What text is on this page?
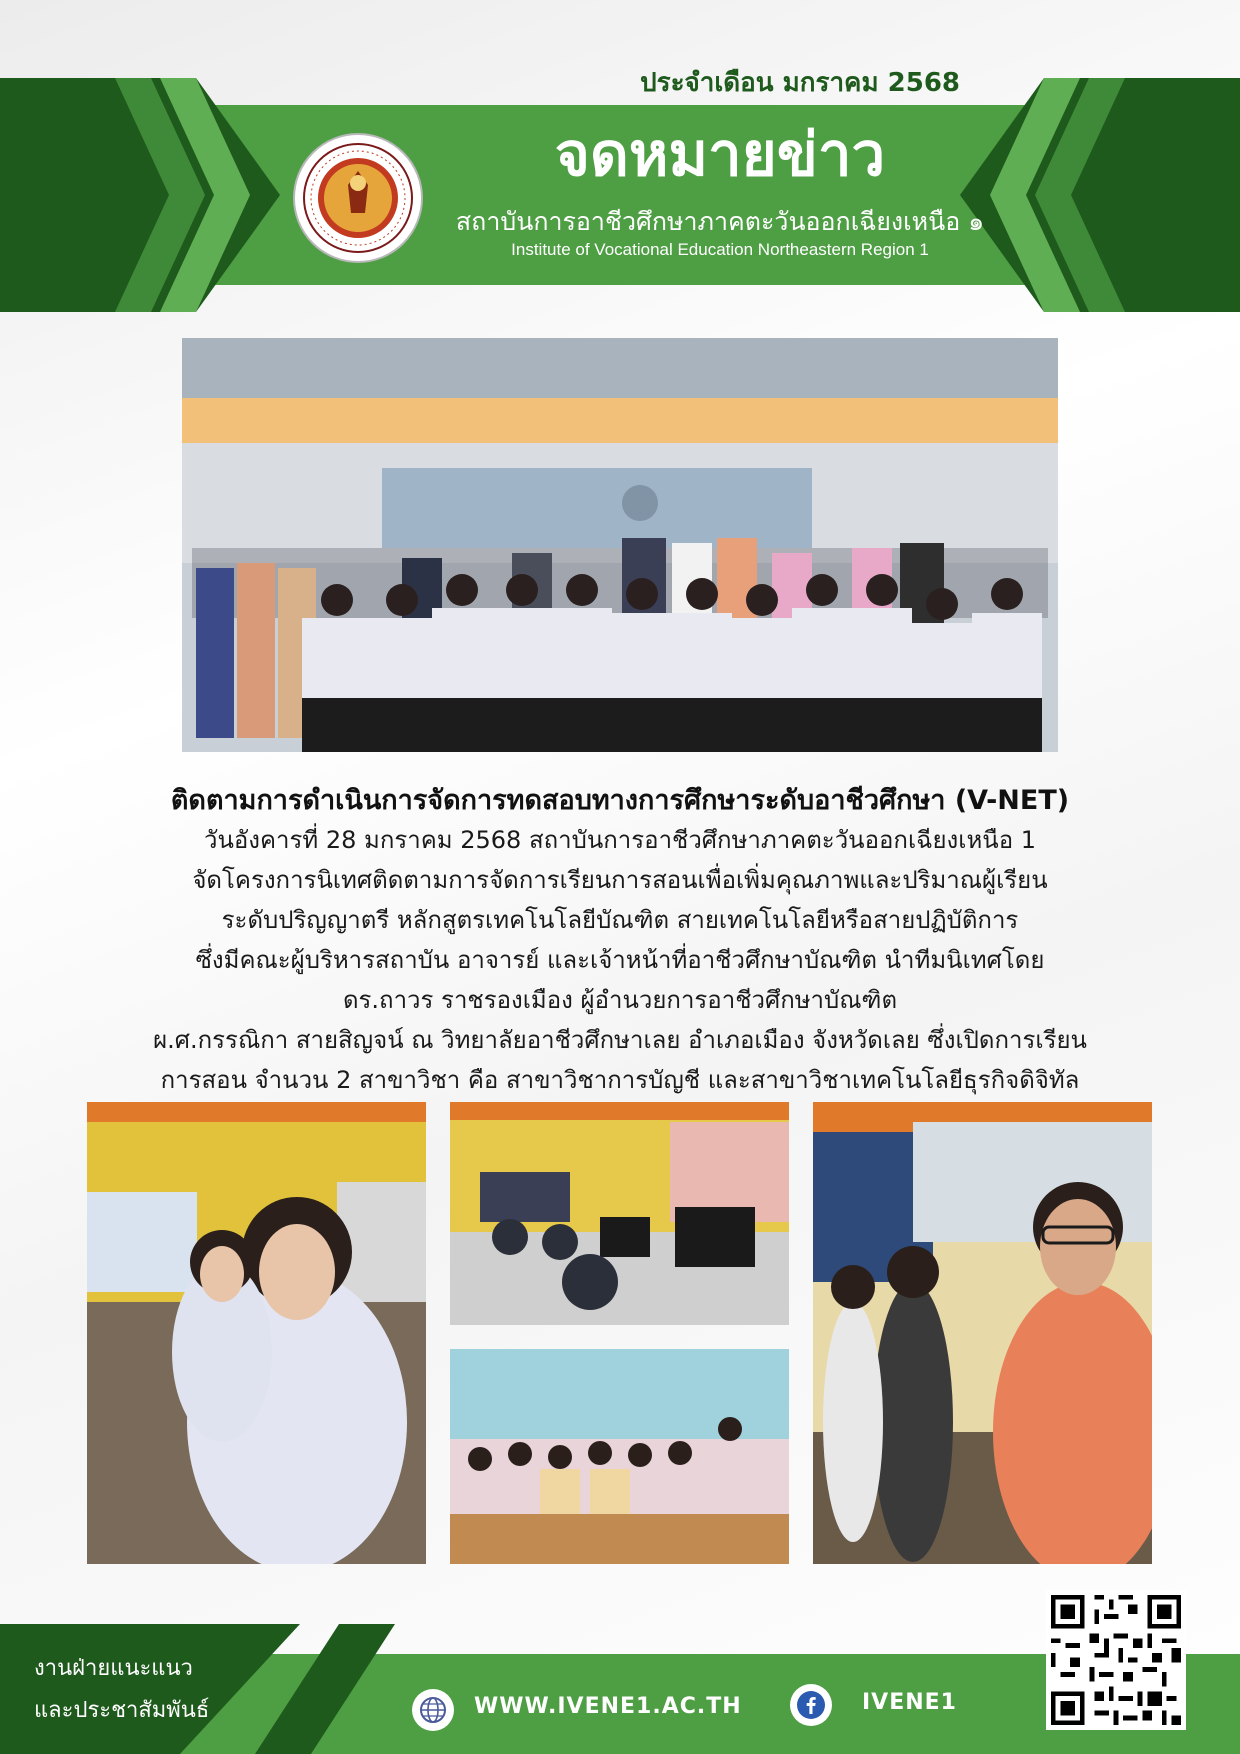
ประจำเดือน มกราคม 2568
จดหมายข่าว
สถาบันการอาชีวศึกษาภาคตะวันออกเฉียงเหนือ ๑
Institute of Vocational Education Northeastern Region 1
ติดตามการดำเนินการจัดการทดสอบทางการศึกษาระดับอาชีวศึกษา (V-NET)
วันอังคารที่ 28 มกราคม 2568 สถาบันการอาชีวศึกษาภาคตะวันออกเฉียงเหนือ 1
จัดโครงการนิเทศติดตามการจัดการเรียนการสอนเพื่อเพิ่มคุณภาพและปริมาณผู้เรียน
ระดับปริญญาตรี หลักสูตรเทคโนโลยีบัณฑิต สายเทคโนโลยีหรือสายปฏิบัติการ
ซึ่งมีคณะผู้บริหารสถาบัน อาจารย์ และเจ้าหน้าที่อาชีวศึกษาบัณฑิต นำทีมนิเทศโดย
ดร.ถาวร ราชรองเมือง ผู้อำนวยการอาชีวศึกษาบัณฑิต
ผ.ศ.กรรณิกา สายสิญจน์ ณ วิทยาลัยอาชีวศึกษาเลย อำเภอเมือง จังหวัดเลย ซึ่งเปิดการเรียน
การสอน จำนวน 2 สาขาวิชา คือ สาขาวิชาการบัญชี และสาขาวิชาเทคโนโลยีธุรกิจดิจิทัล
งานฝ่ายแนะแนว
และประชาสัมพันธ์	WWW.IVENE1.AC.TH	IVENE1
